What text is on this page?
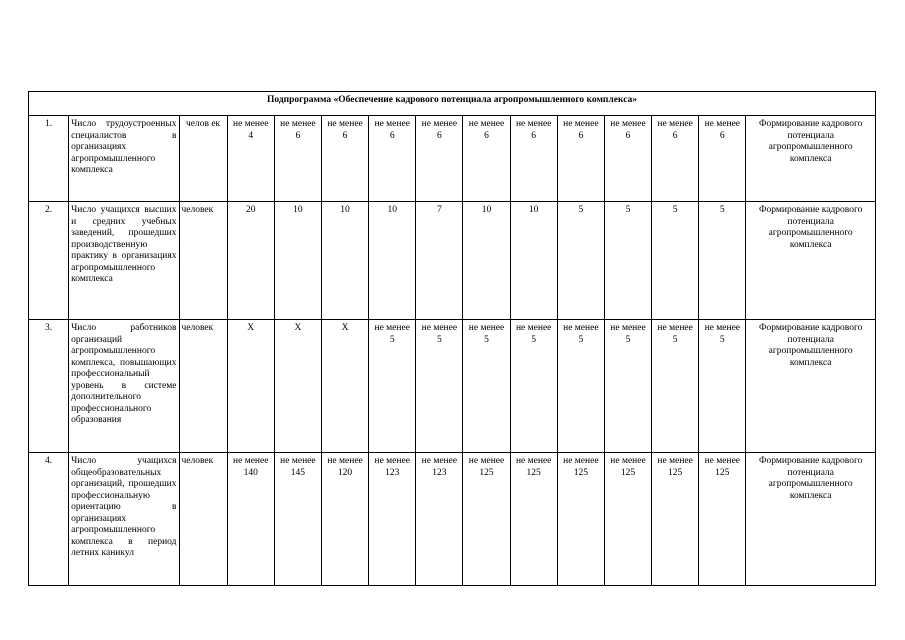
Подпрограмма «Обеспечение кадрового потенциала агропромышленного комплекса»														
1.	Число трудоустроенных специалистов в организациях агропромышленного комплекса	челов ек	не менее 4	не менее 6	не менее 6	не менее 6	не менее 6	не менее 6	не менее 6	не менее 6	не менее 6	не менее 6	не менее 6	Формирование кадрового потенциала агропромышленного комплекса
2.	Число учащихся высших и средних учебных заведений, прошедших производственную практику в организациях агропромышленного комплекса	человек	20	10	10	10	7	10	10	5	5	5	5	Формирование кадрового потенциала агропромышленного комплекса
3.	Число работников организаций агропромышленного комплекса, повышающих профессиональный уровень в системе дополнительного профессионального образования	человек	Х	Х	Х	не менее 5	не менее 5	не менее 5	не менее 5	не менее 5	не менее 5	не менее 5	не менее 5	Формирование кадрового потенциала агропромышленного комплекса
4.	Число учащихся общеобразовательных организаций, прошедших профессиональную ориентацию в организациях агропромышленного комплекса в период летних каникул	человек	не менее 140	не менее 145	не менее 120	не менее 123	не менее 123	не менее 125	не менее 125	не менее 125	не менее 125	не менее 125	не менее 125	Формирование кадрового потенциала агропромышленного комплекса
